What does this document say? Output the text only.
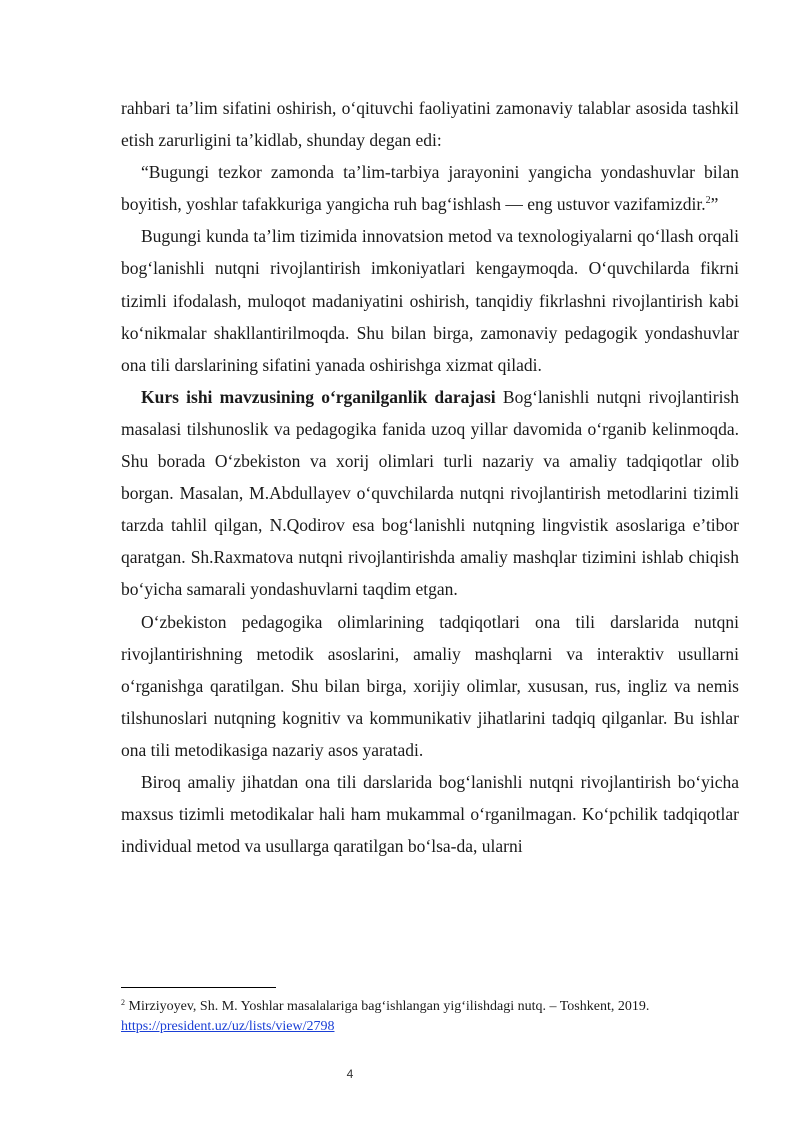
rahbari ta’lim sifatini oshirish, o‘qituvchi faoliyatini zamonaviy talablar asosida tashkil etish zarurligini ta’kidlab, shunday degan edi:

“Bugungi tezkor zamonda ta’lim-tarbiya jarayonini yangicha yondashuvlar bilan boyitish, yoshlar tafakkuriga yangicha ruh bag‘ishlash — eng ustuvor vazifamizdir.$^2$”

Bugungi kunda ta’lim tizimida innovatsion metod va texnologiyalarni qo‘llash orqali bog‘lanishli nutqni rivojlantirish imkoniyatlari kengaymoqda. O‘quvchilarda fikrni tizimli ifodalash, muloqot madaniyatini oshirish, tanqidiy fikrlashni rivojlantirish kabi ko‘nikmalar shakllantirilmoqda. Shu bilan birga, zamonaviy pedagogik yondashuvlar ona tili darslarining sifatini yanada oshirishga xizmat qiladi.

Kurs ishi mavzusining o‘rganilganlik darajasi Bog‘lanishli nutqni rivojlantirish masalasi tilshunoslik va pedagogika fanida uzoq yillar davomida o‘rganib kelinmoqda. Shu borada O‘zbekiston va xorij olimlari turli nazariy va amaliy tadqiqotlar olib borgan. Masalan, M.Abdullayev o‘quvchilarda nutqni rivojlantirish metodlarini tizimli tarzda tahlil qilgan, N.Qodirov esa bog‘lanishli nutqning lingvistik asoslariga e’tibor qaratgan. Sh.Raxmatova nutqni rivojlantirishda amaliy mashqlar tizimini ishlab chiqish bo‘yicha samarali yondashuvlarni taqdim etgan.

O‘zbekiston pedagogika olimlarining tadqiqotlari ona tili darslarida nutqni rivojlantirishning metodik asoslarini, amaliy mashqlarni va interaktiv usullarni o‘rganishga qaratilgan. Shu bilan birga, xorijiy olimlar, xususan, rus, ingliz va nemis tilshunoslari nutqning kognitiv va kommunikativ jihatlarini tadqiq qilganlar. Bu ishlar ona tili metodikasiga nazariy asos yaratadi.

Biroq amaliy jihatdan ona tili darslarida bog‘lanishli nutqni rivojlantirish bo‘yicha maxsus tizimli metodikalar hali ham mukammal o‘rganilmagan. Ko‘pchilik tadqiqotlar individual metod va usullarga qaratilgan bo‘lsa-da, ularni

$^2$ Mirziyoyev, Sh. M. Yoshlar masalalariga bag‘ishlangan yig‘ilishdagi nutq. – Toshkent, 2019.
https://president.uz/uz/lists/view/2798
4
